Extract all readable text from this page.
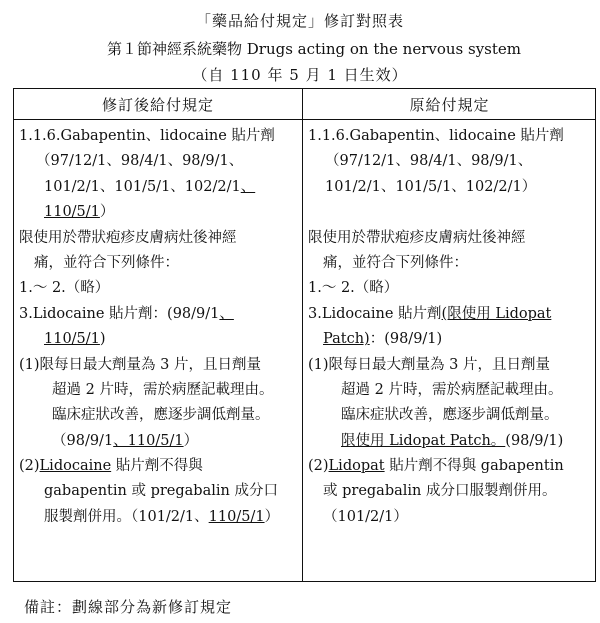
「藥品給付規定」修訂對照表
第１節神經系統藥物 Drugs acting on the nervous system
（自 110 年 5 月 1 日生效）
修訂後給付規定	原給付規定
1.1.6.Gabapentin、lidocaine 貼片劑
（97/12/1、98/4/1、98/9/1、
101/2/1、101/5/1、102/2/1、
110/5/1）
限使用於帶狀疱疹皮膚病灶後神經
痛，並符合下列條件：
1.～ 2.（略）
3.Lidocaine 貼片劑：(98/9/1、
110/5/1)
(1)限每日最大劑量為 3 片，且日劑量
超過 2 片時，需於病歷記載理由。
臨床症狀改善，應逐步調低劑量。
（98/9/1、110/5/1）
(2)Lidocaine 貼片劑不得與
gabapentin 或 pregabalin 成分口
服製劑併用。（101/2/1、110/5/1）
1.1.6.Gabapentin、lidocaine 貼片劑
（97/12/1、98/4/1、98/9/1、
101/2/1、101/5/1、102/2/1）
限使用於帶狀疱疹皮膚病灶後神經
痛，並符合下列條件：
1.～ 2.（略）
3.Lidocaine 貼片劑(限使用 Lidopat
Patch)：(98/9/1)
(1)限每日最大劑量為 3 片，且日劑量
超過 2 片時，需於病歷記載理由。
臨床症狀改善，應逐步調低劑量。
限使用 Lidopat Patch。(98/9/1)
(2)Lidopat 貼片劑不得與 gabapentin
或 pregabalin 成分口服製劑併用。
（101/2/1）
備註：劃線部分為新修訂規定
